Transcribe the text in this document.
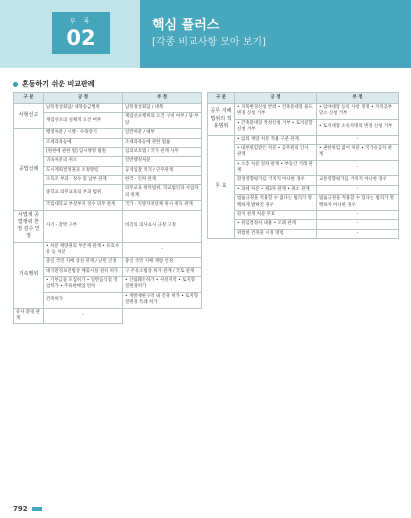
부 록
02
핵심 플러스
[각종 비교사항 모아 보기]
혼동하기 쉬운 비교판례
구 분	긍 정	부 정
사형선고	남북정상회담/ 대북송금행위	남북정상회담 / 대북
	계엄선포의 실체적 요건 여부	계엄선포행위의 요건 구비 여부 / 당·부당
공법선례	행정처분 / 시행 · 수목장기	일반처분 / 대부
	조세과목등에	조세과목등에 관한 법률
	[원천에 관한 법] 임시행정 법원	임의보호법 / 국가 관계 사무
	귀속처분의 취소	일반행정처분
	도시계획결정권과 조정명령	공개입찰 적격 / 근무관계
	소득조 부과 · 정수 및 납부 관계	한국 · 인허 관계
	중학교 의무교육의 부과 범위	의무교육 위탁범위, 학교법인과 사업자의 관계
	국립대학교 부설부지 징수 의무 관계	국가 · 지방자치단체 원시 취득 관계
사법계 공법행위 한정 검수 인정	사기 · 강박 구부	비진의 의사표시 규정 고정
기속행위	• 처분 재량권의 부존재 관계 • 유효사유 등 처분	-
	중일 국민 지배 상실 관계 / 난민 인정	중일 국민 지배 재량 인정
	대기환경보전법상 배출시설 설치 허가	구 주유소법상 허가 관계 / 국토 관계
	• 기부금품 모집허가 • 일반음식점 영업허가 • 주류판매업 면허	• 산림훼손허가 • 사설지역 • 토지형질변경허가
	건축허가	• 개발제한구역 내 건축 허가 • 토지형질변경 특례 허가
유사 환경 관계	-	
구 분	긍 정	부 정
공무 지해법위의 적용범위	• 지목변경신청 반려 • 건축물대장 용도변경 신청 거부	• 임야대장 등록 사항 정정 • 지적공부 말소 신청 거부
	• 건축물대장 작성신청 거부 • 토지분할신청 거부	• 토지대장 소유자명의 변경 신청 거부
무 효	• 임의 재량 처분 적용 구분 관계	-
	• 내부위임받은 처분 • 공무원의 인사 관계	• 권한위임 없이 처분 • 국가유공자 관계
	• 소송 처분 절차 관계 • 부동산 거래 관계	-
	환경영향평가를 거치지 아니한 경우	교통영향평가를 거치지 아니한 경우
	• 과세 처분 • 제3자 관계 • 취소 관계	-
	법률규정을 적용할 수 없다는 법리가 명백하게 밝혀진 경우	법률규정을 적용할 수 있다는 법리가 명백하지 아니한 경우
	환지 관계 처분 무효	-
	• 취임결정서 내용 • 조례 관계	-
	위법한 건축물 시정 명령	-
792
